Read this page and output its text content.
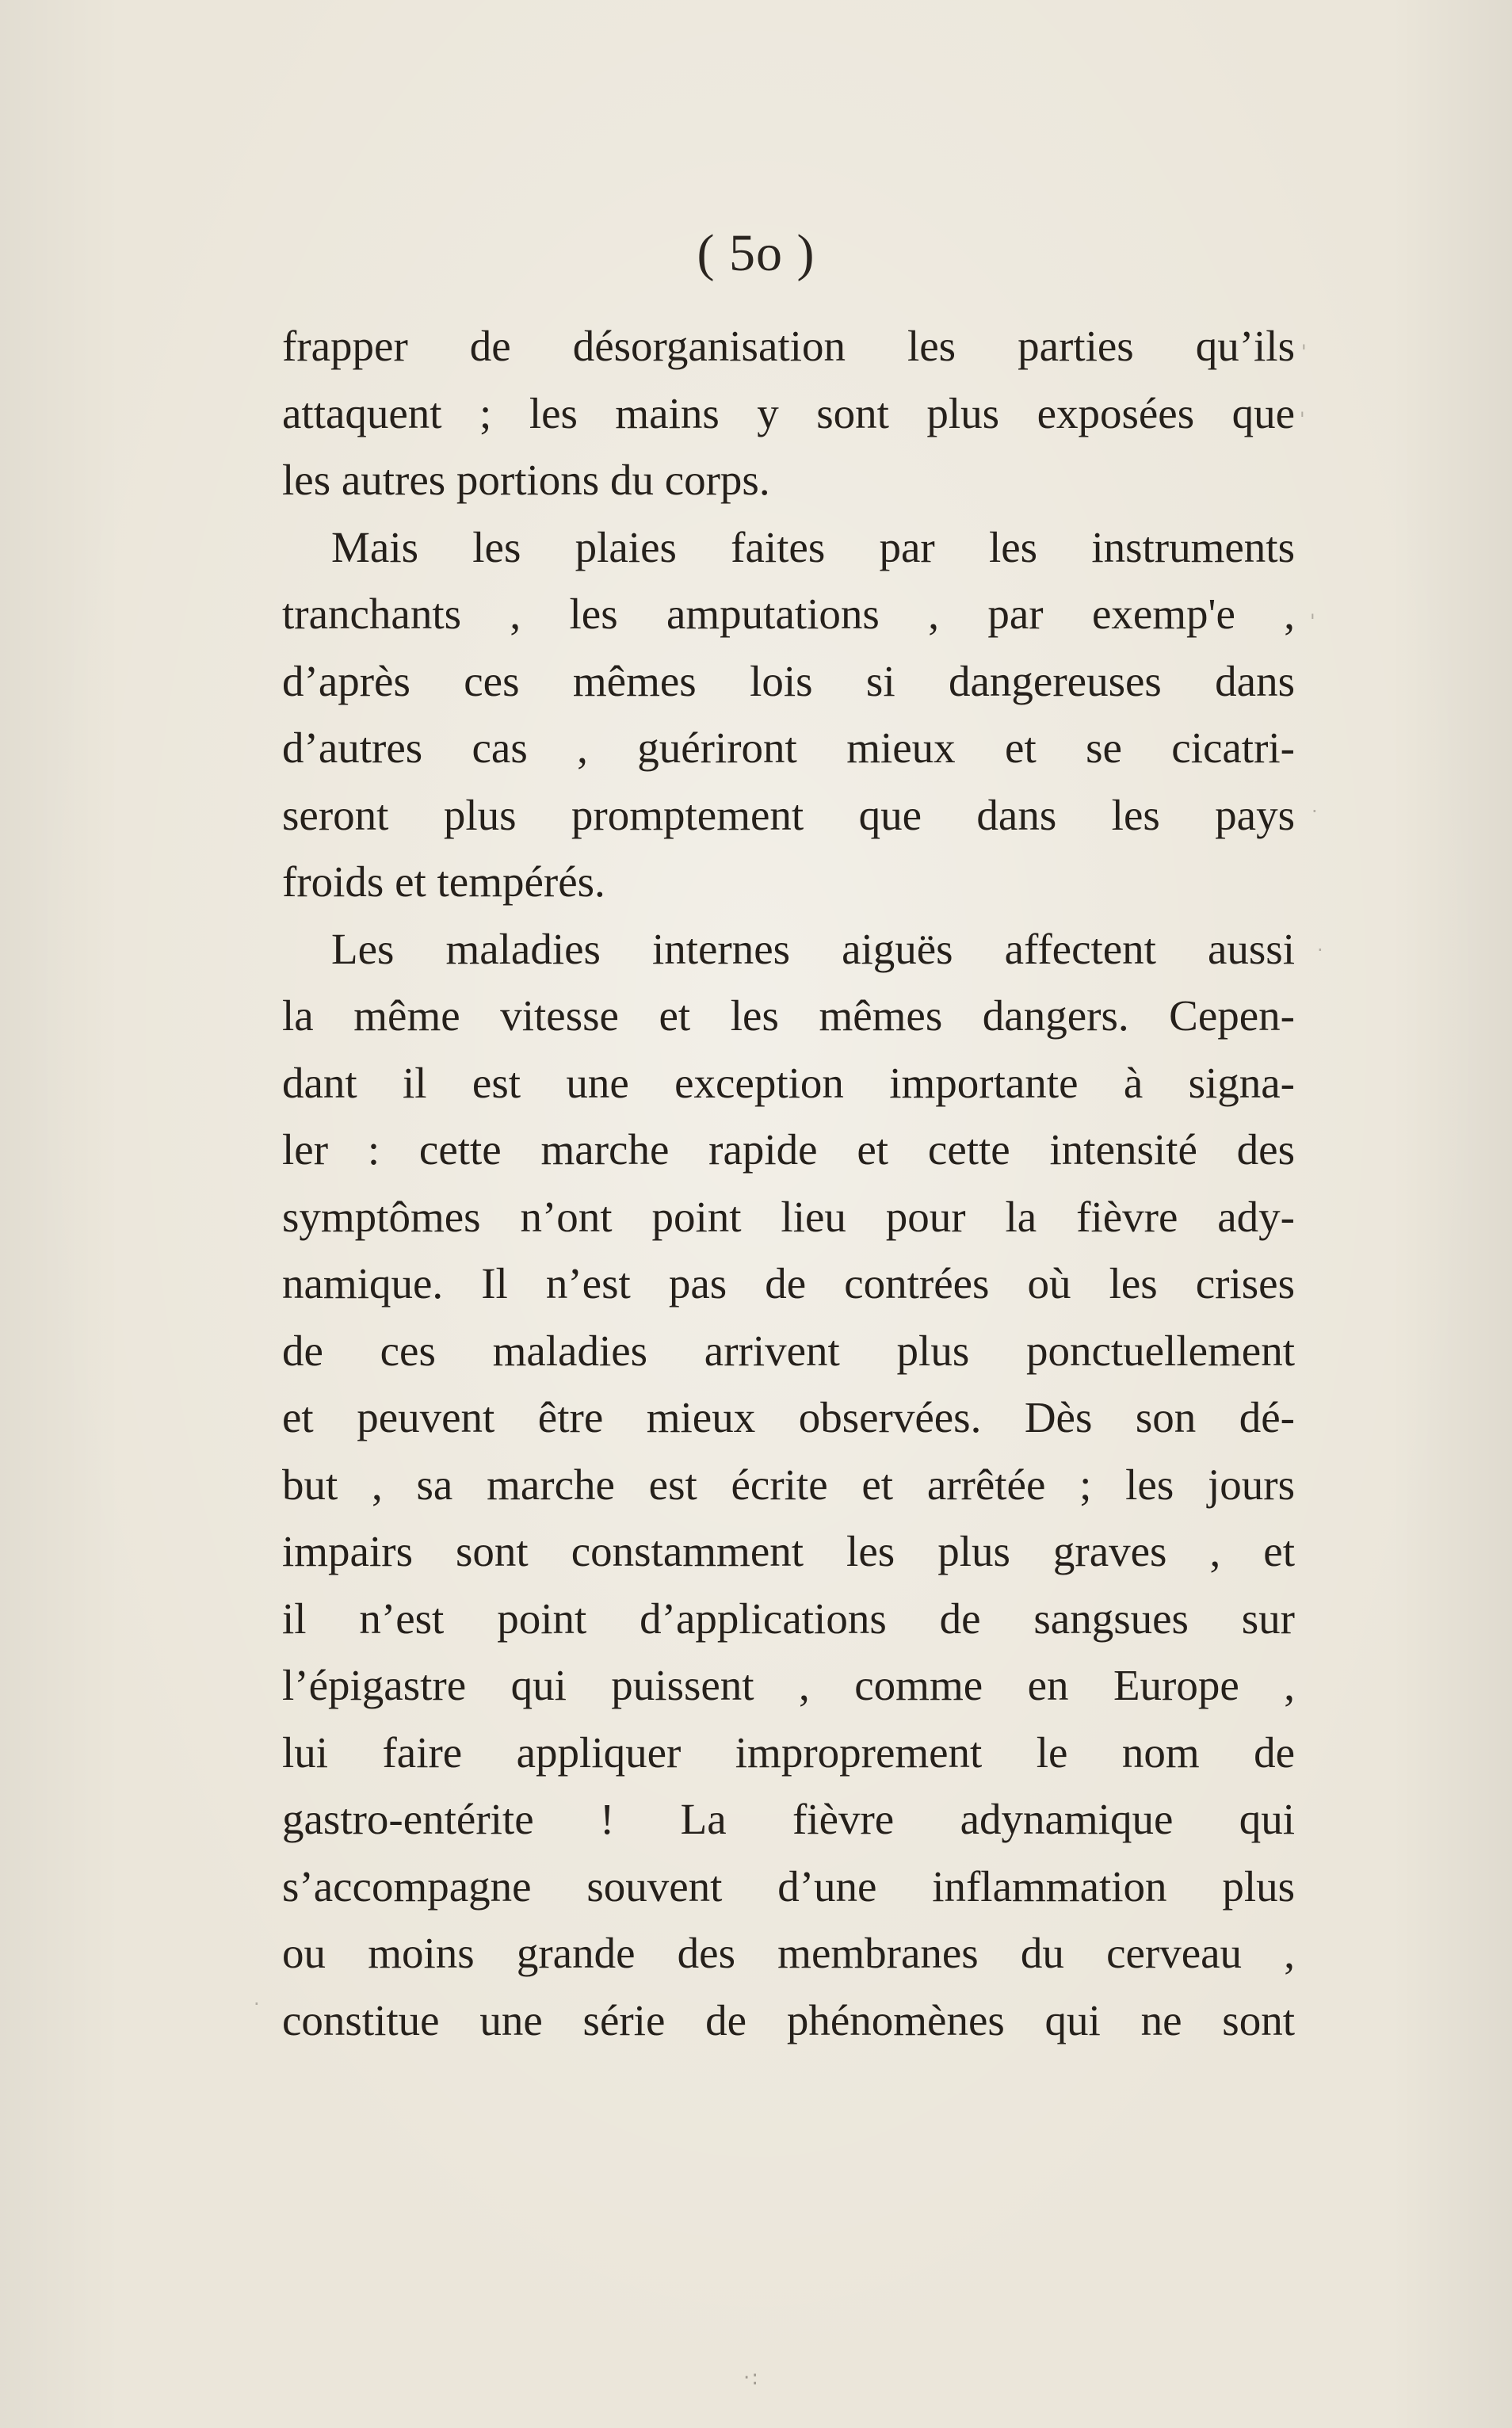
( 5o )
frapper de désorganisation les parties qu’ils
attaquent ; les mains y sont plus exposées que
les autres portions du corps.
Mais les plaies faites par les instruments
tranchants , les amputations , par exemp'e ,
d’après ces mêmes lois si dangereuses dans
d’autres cas , guériront mieux et se cicatri-
seront plus promptement que dans les pays
froids et tempérés.
Les maladies internes aiguës affectent aussi
la même vitesse et les mêmes dangers. Cepen-
dant il est une exception importante à signa-
ler : cette marche rapide et cette intensité des
symptômes n’ont point lieu pour la fièvre ady-
namique. Il n’est pas de contrées où les crises
de ces maladies arrivent plus ponctuellement
et peuvent être mieux observées. Dès son dé-
but , sa marche est écrite et arrêtée ; les jours
impairs sont constamment les plus graves , et
il n’est point d’applications de sangsues sur
l’épigastre qui puissent , comme en Europe ,
lui faire appliquer improprement le nom de
gastro-entérite ! La fièvre adynamique qui
s’accompagne souvent d’une inflammation plus
ou moins grande des membranes du cerveau ,
constitue une série de phénomènes qui ne sont
'
'
'
·
·
·
·:
